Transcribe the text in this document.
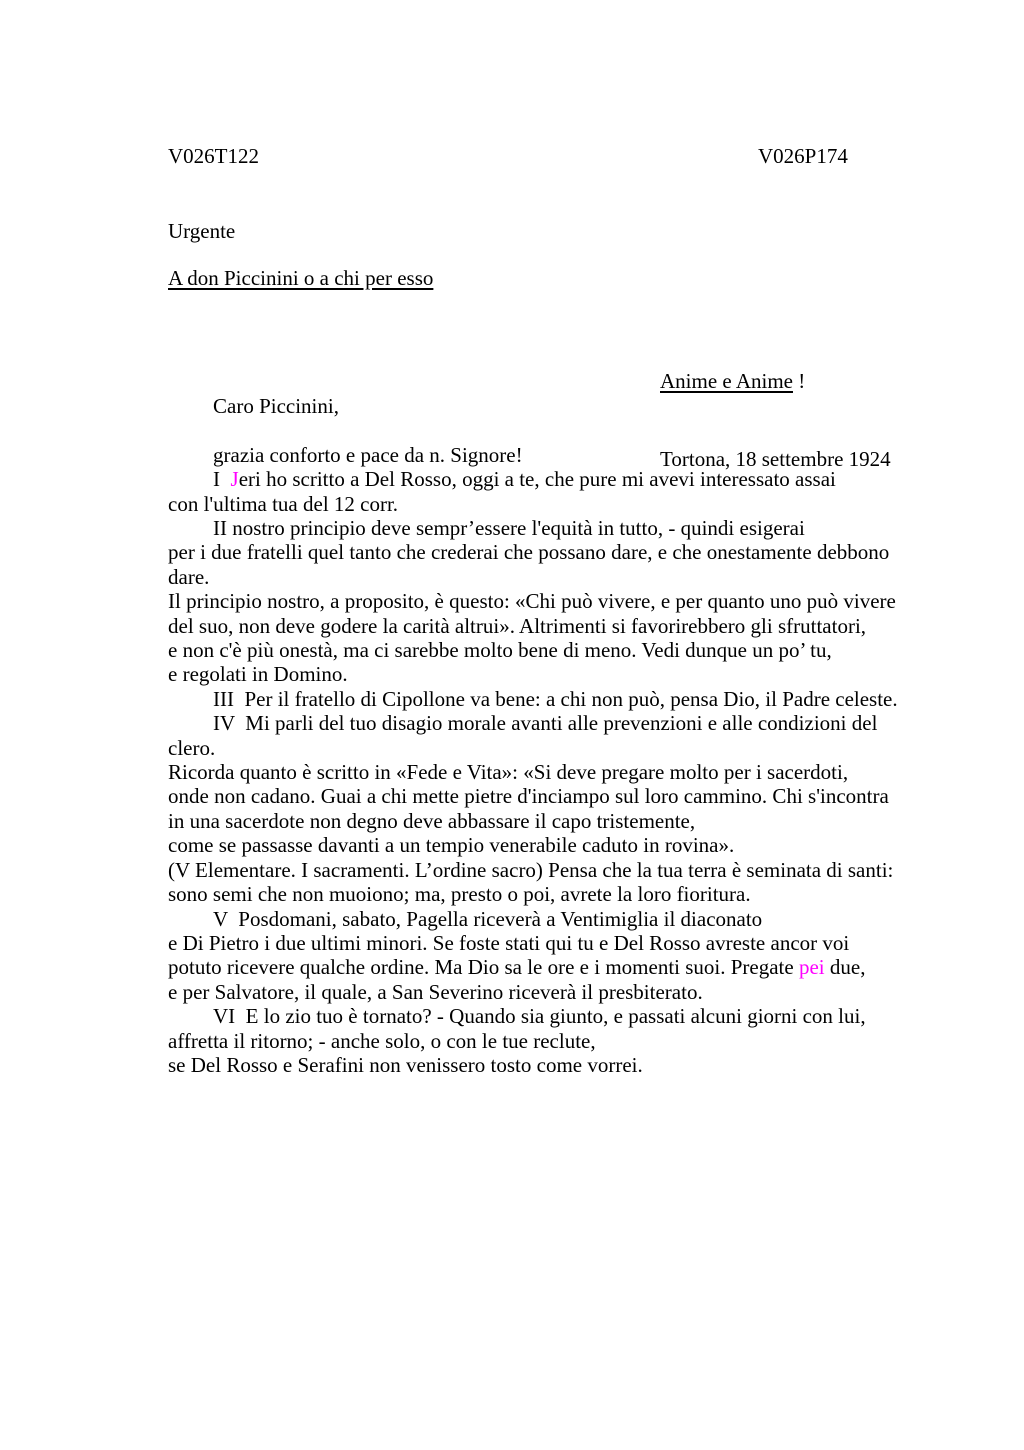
V026T122	V026P174
Urgente
A don Piccinini o a chi per esso

Anime e Anime !

Tortona, 18 settembre 1924

Caro Piccinini,
grazia conforto e pace da n. Signore!
I  Jeri ho scritto a Del Rosso, oggi a te, che pure mi avevi interessato assai
con l'ultima tua del 12 corr.
II nostro principio deve sempr’essere l'equità in tutto, - quindi esigerai
per i due fratelli quel tanto che crederai che possano dare, e che onestamente debbono
dare.
Il principio nostro, a proposito, è questo: «Chi può vivere, e per quanto uno può vivere
del suo, non deve godere la carità altrui». Altrimenti si favorirebbero gli sfruttatori,
e non c'è più onestà, ma ci sarebbe molto bene di meno. Vedi dunque un po’ tu,
e regolati in Domino.
III  Per il fratello di Cipollone va bene: a chi non può, pensa Dio, il Padre celeste.
IV  Mi parli del tuo disagio morale avanti alle prevenzioni e alle condizioni del
clero.
Ricorda quanto è scritto in «Fede e Vita»: «Si deve pregare molto per i sacerdoti,
onde non cadano. Guai a chi mette pietre d'inciampo sul loro cammino. Chi s'incontra
in una sacerdote non degno deve abbassare il capo tristemente,
come se passasse davanti a un tempio venerabile caduto in rovina».
(V Elementare. I sacramenti. L’ordine sacro) Pensa che la tua terra è seminata di santi:
sono semi che non muoiono; ma, presto o poi, avrete la loro fioritura.
V  Posdomani, sabato, Pagella riceverà a Ventimiglia il diaconato
e Di Pietro i due ultimi minori. Se foste stati qui tu e Del Rosso avreste ancor voi
potuto ricevere qualche ordine. Ma Dio sa le ore e i momenti suoi. Pregate pei due,
e per Salvatore, il quale, a San Severino riceverà il presbiterato.
VI  E lo zio tuo è tornato? - Quando sia giunto, e passati alcuni giorni con lui,
affretta il ritorno; - anche solo, o con le tue reclute,
se Del Rosso e Serafini non venissero tosto come vorrei.
